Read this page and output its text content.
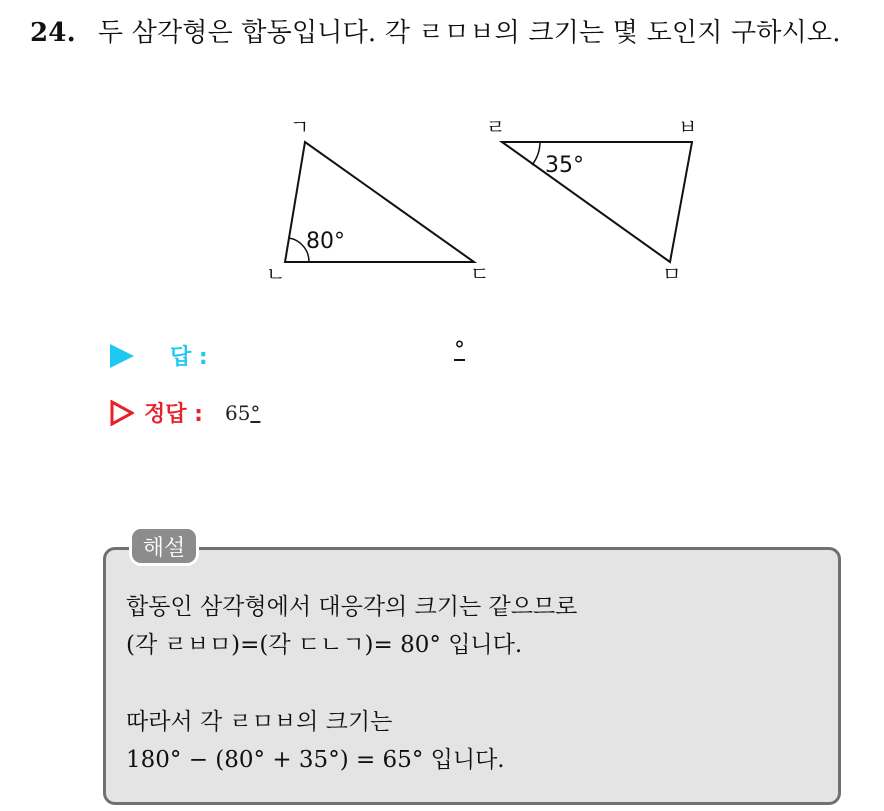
24. 두 삼각형은 합동입니다. 각 ㄹㅁㅂ의 크기는 몇 도인지 구하시오.
80°
ㄱ
ㄴ	ㄷ
35°
ㄹ	ㅂ
ㅁ
답 :	°
정답 : 65°
해설
합동인 삼각형에서 대응각의 크기는 같으므로
(각 ㄹㅂㅁ)=(각 ㄷㄴㄱ)= 80° 입니다.
따라서 각 ㄹㅁㅂ의 크기는
180° − (80° + 35°) = 65° 입니다.
